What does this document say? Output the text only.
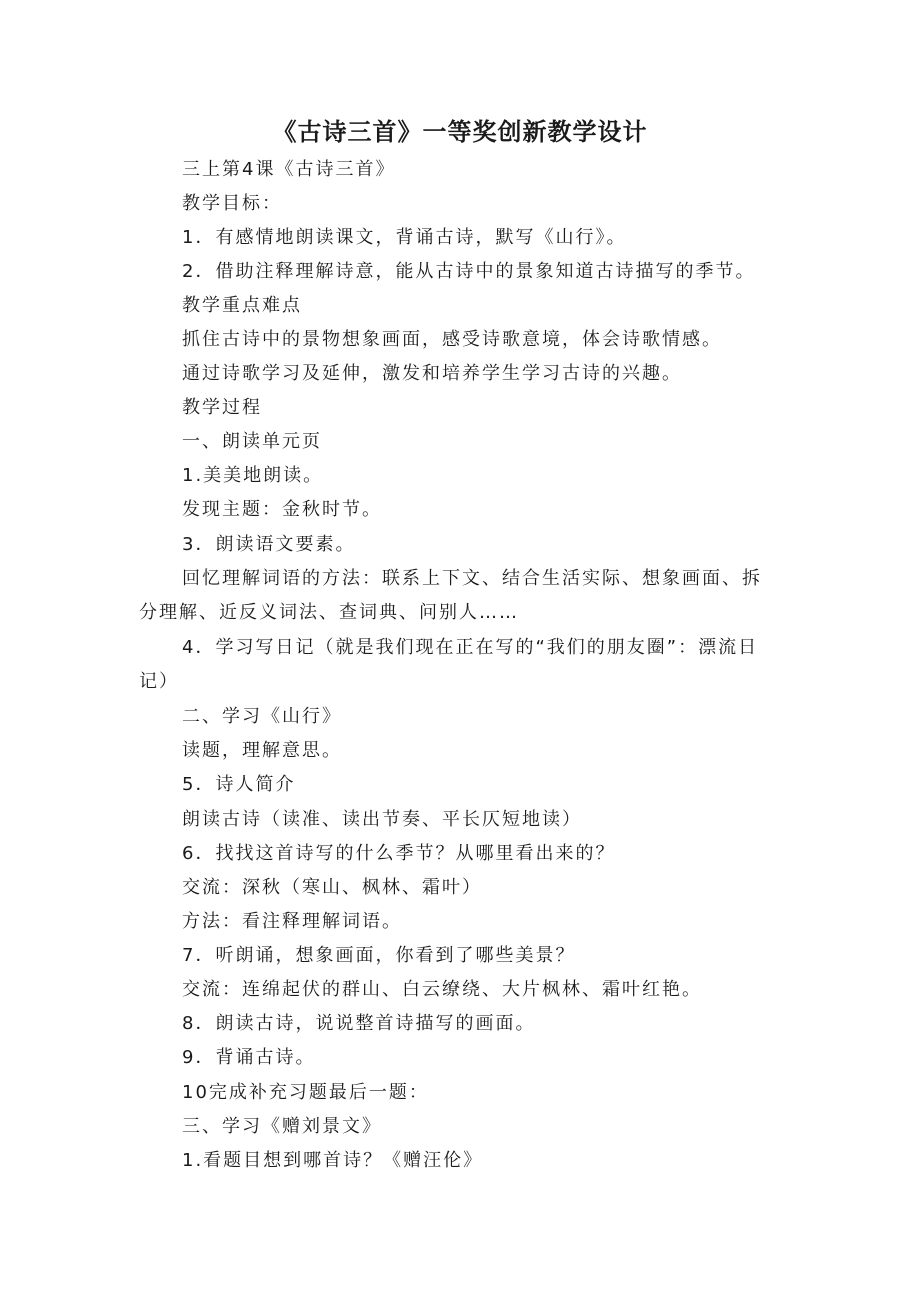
《古诗三首》一等奖创新教学设计
三上第4课《古诗三首》
教学目标：
1．有感情地朗读课文，背诵古诗，默写《山行》。
2．借助注释理解诗意，能从古诗中的景象知道古诗描写的季节。
教学重点难点
抓住古诗中的景物想象画面，感受诗歌意境，体会诗歌情感。
通过诗歌学习及延伸，激发和培养学生学习古诗的兴趣。
教学过程
一、朗读单元页
1.美美地朗读。
发现主题：金秋时节。
3．朗读语文要素。
回忆理解词语的方法：联系上下文、结合生活实际、想象画面、拆
分理解、近反义词法、查词典、问别人……
4．学习写日记（就是我们现在正在写的“我们的朋友圈”：漂流日
记）
二、学习《山行》
读题，理解意思。
5．诗人简介
朗读古诗（读准、读出节奏、平长仄短地读）
6．找找这首诗写的什么季节？从哪里看出来的？
交流：深秋（寒山、枫林、霜叶）
方法：看注释理解词语。
7．听朗诵，想象画面，你看到了哪些美景？
交流：连绵起伏的群山、白云缭绕、大片枫林、霜叶红艳。
8．朗读古诗，说说整首诗描写的画面。
9．背诵古诗。
10完成补充习题最后一题：
三、学习《赠刘景文》
1.看题目想到哪首诗？《赠汪伦》
